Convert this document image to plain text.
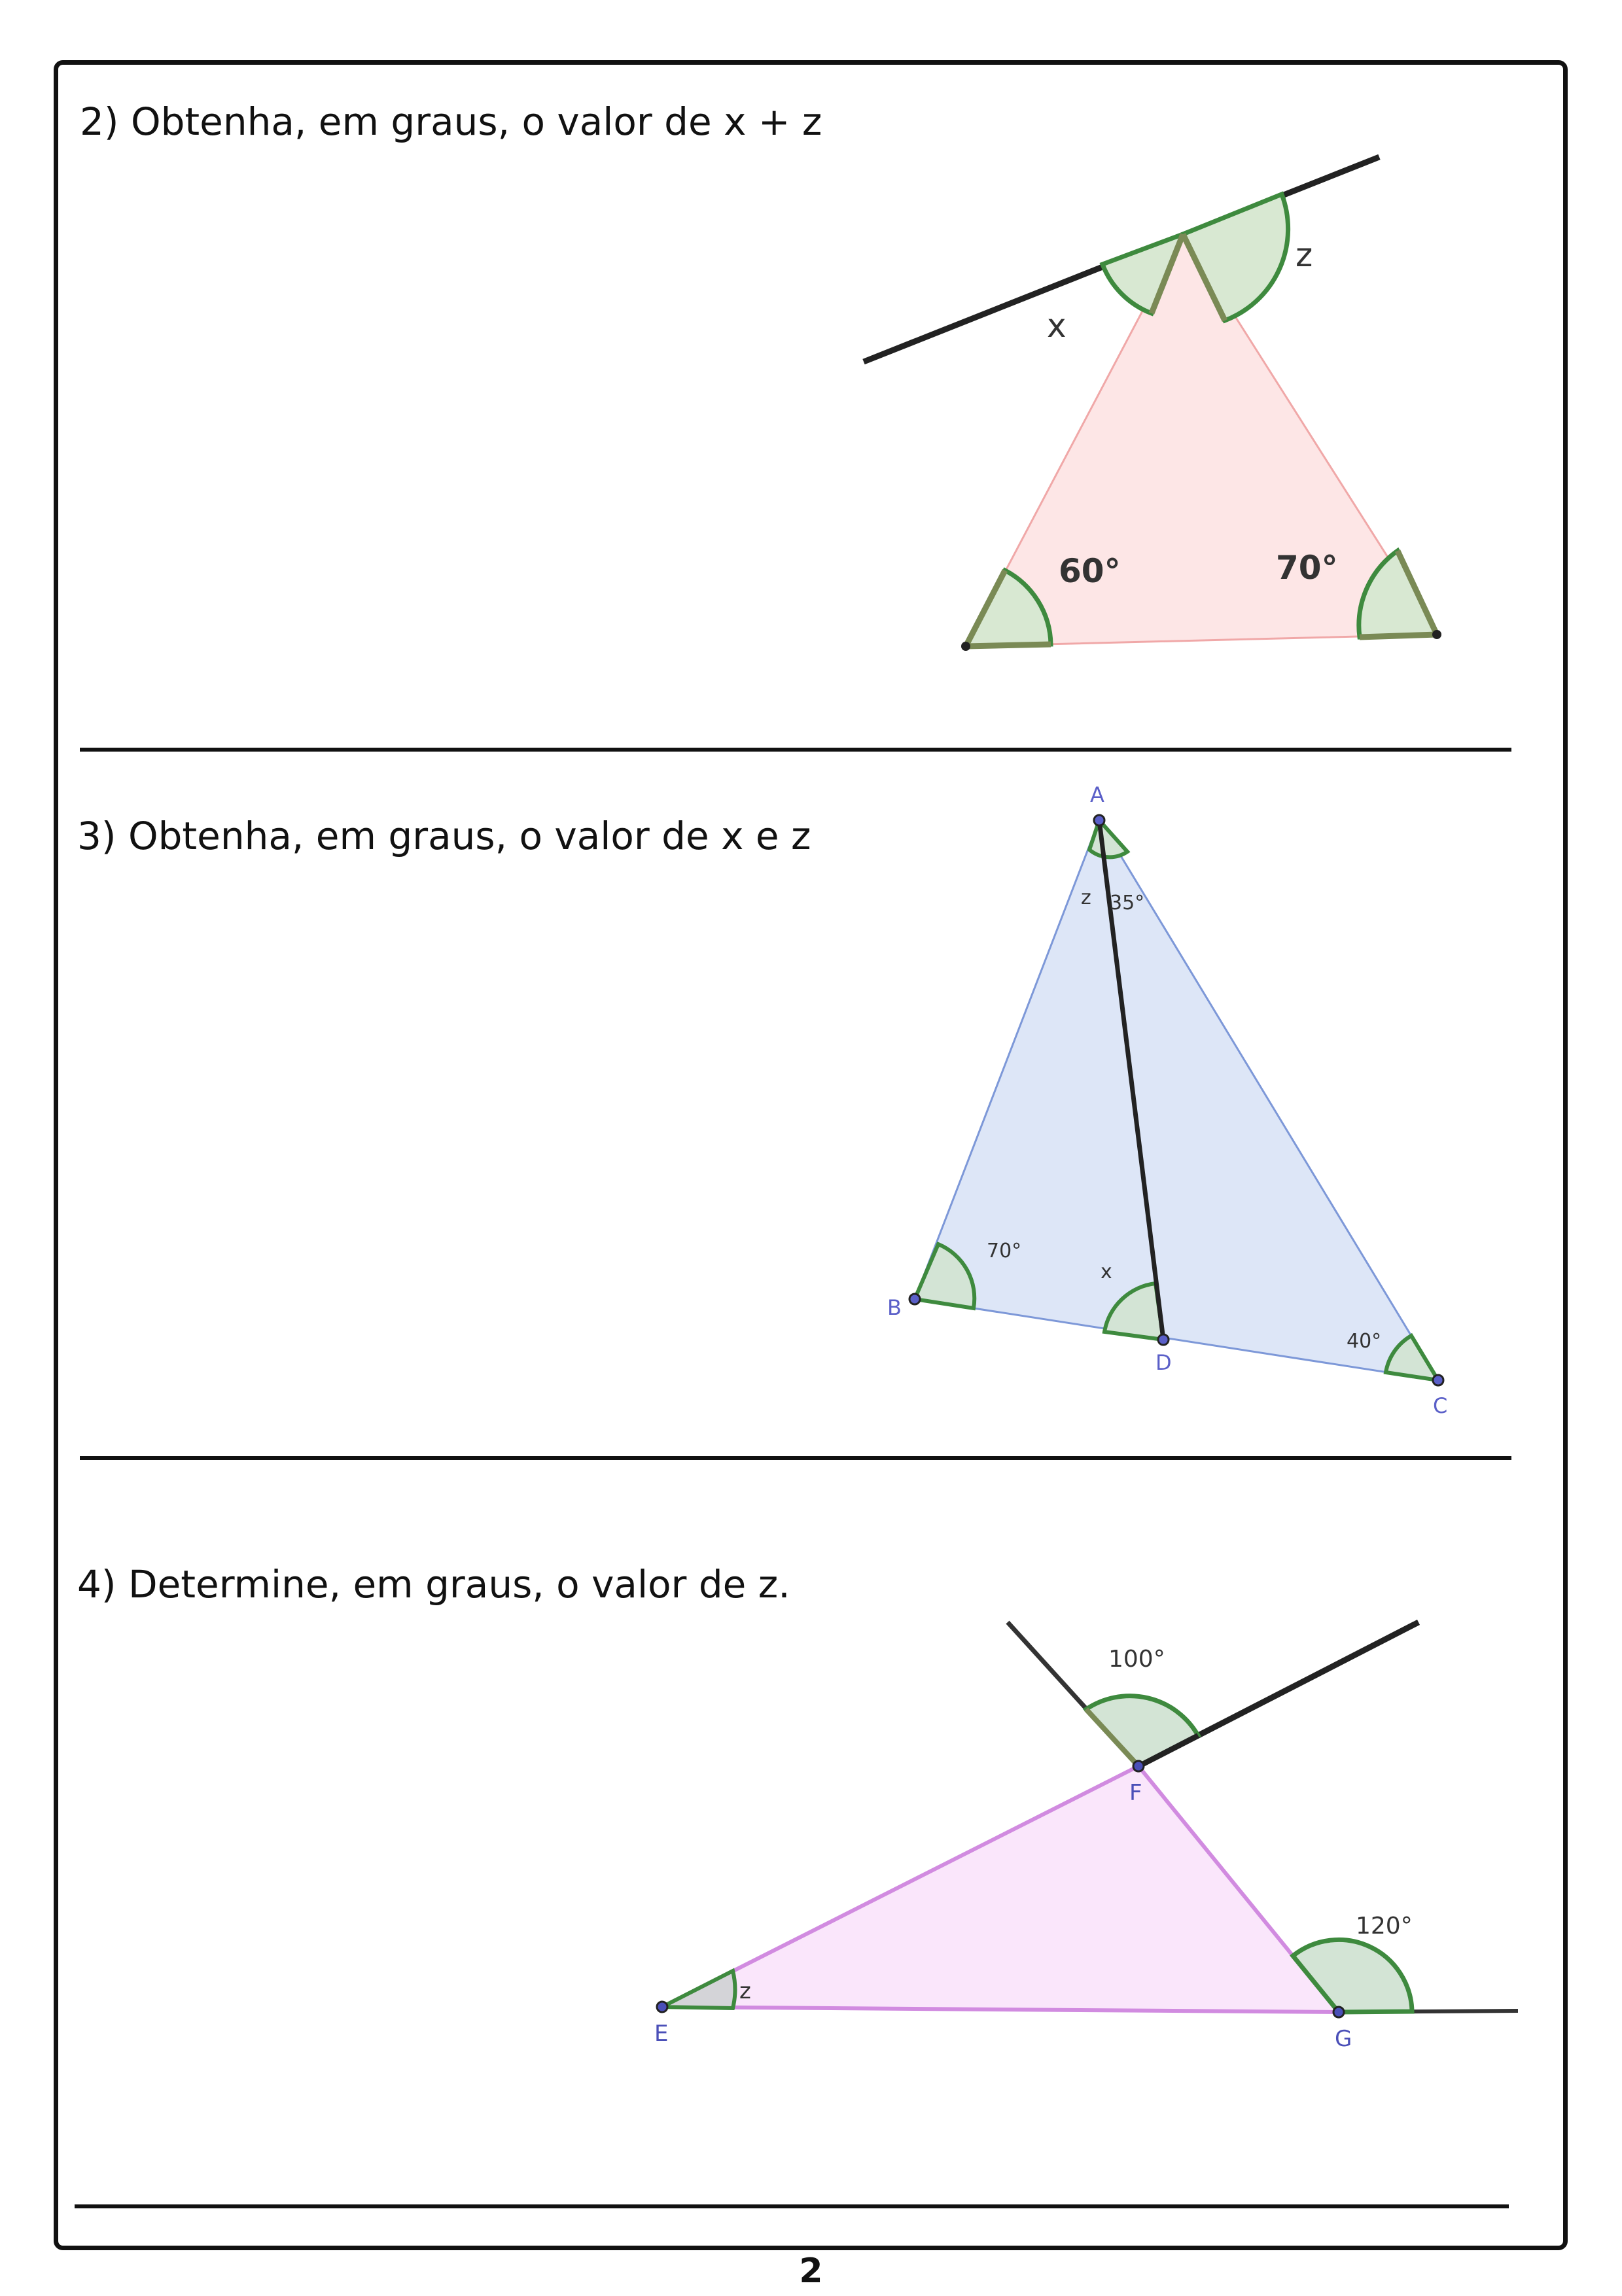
2) Obtenha, em graus, o valor de x + z
x
z
60°	70°
3) Obtenha, em graus, o valor de x e z
A
B
C
D
z 35°
70°
x
40°
4) Determine, em graus, o valor de z.
E
F
G
z
100°
120°
2
